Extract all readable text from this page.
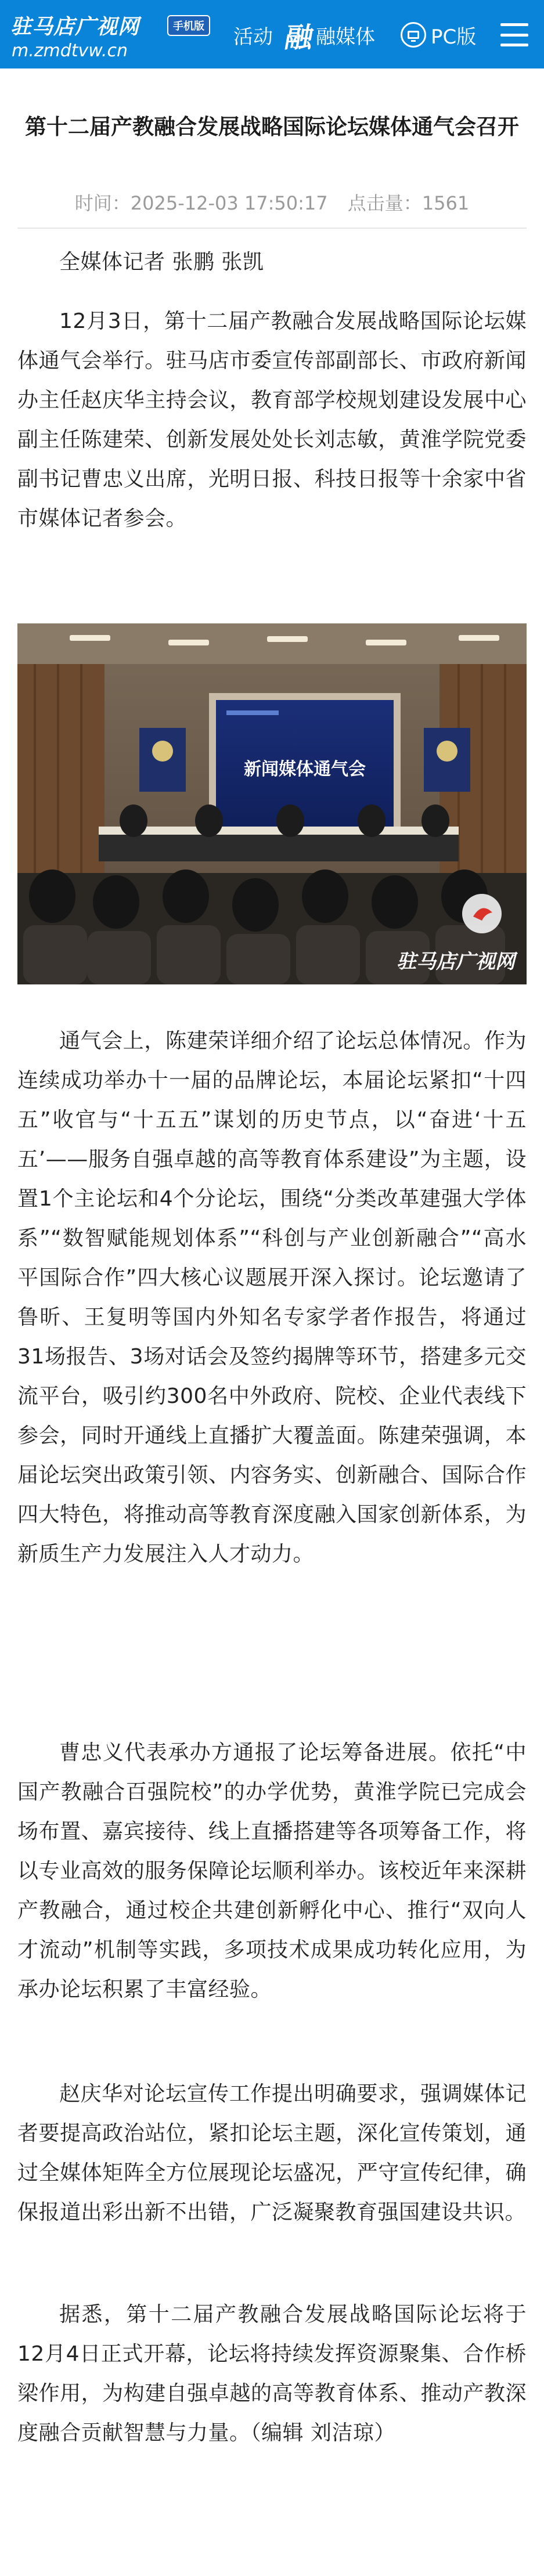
驻马店广视网	手机版
m.zmdtvw.cn
活动 融 融媒体	PC版
第十二届产教融合发展战略国际论坛媒体通气会召开
时间：2025-12-03 17:50:17 点击量：1561

全媒体记者 张鹏 张凯

12月3日，第十二届产教融合发展战略国际论坛媒体通气会举行。驻马店市委宣传部副部长、市政府新闻办主任赵庆华主持会议，教育部学校规划建设发展中心副主任陈建荣、创新发展处处长刘志敏，黄淮学院党委副书记曹忠义出席，光明日报、科技日报等十余家中省市媒体记者参会。

新闻媒体通气会
驻马店广视网

通气会上，陈建荣详细介绍了论坛总体情况。作为连续成功举办十一届的品牌论坛，本届论坛紧扣“十四五”收官与“十五五”谋划的历史节点，以“奋进‘十五五’——服务自强卓越的高等教育体系建设”为主题，设置1个主论坛和4个分论坛，围绕“分类改革建强大学体系”“数智赋能规划体系”“科创与产业创新融合”“高水平国际合作”四大核心议题展开深入探讨。论坛邀请了鲁昕、王复明等国内外知名专家学者作报告，将通过31场报告、3场对话会及签约揭牌等环节，搭建多元交流平台，吸引约300名中外政府、院校、企业代表线下参会，同时开通线上直播扩大覆盖面。陈建荣强调，本届论坛突出政策引领、内容务实、创新融合、国际合作四大特色，将推动高等教育深度融入国家创新体系，为新质生产力发展注入人才动力。

曹忠义代表承办方通报了论坛筹备进展。依托“中国产教融合百强院校”的办学优势，黄淮学院已完成会场布置、嘉宾接待、线上直播搭建等各项筹备工作，将以专业高效的服务保障论坛顺利举办。该校近年来深耕产教融合，通过校企共建创新孵化中心、推行“双向人才流动”机制等实践，多项技术成果成功转化应用，为承办论坛积累了丰富经验。

赵庆华对论坛宣传工作提出明确要求，强调媒体记者要提高政治站位，紧扣论坛主题，深化宣传策划，通过全媒体矩阵全方位展现论坛盛况，严守宣传纪律，确保报道出彩出新不出错，广泛凝聚教育强国建设共识。

据悉，第十二届产教融合发展战略国际论坛将于12月4日正式开幕，论坛将持续发挥资源聚集、合作桥梁作用，为构建自强卓越的高等教育体系、推动产教深度融合贡献智慧与力量。（编辑 刘洁琼）
